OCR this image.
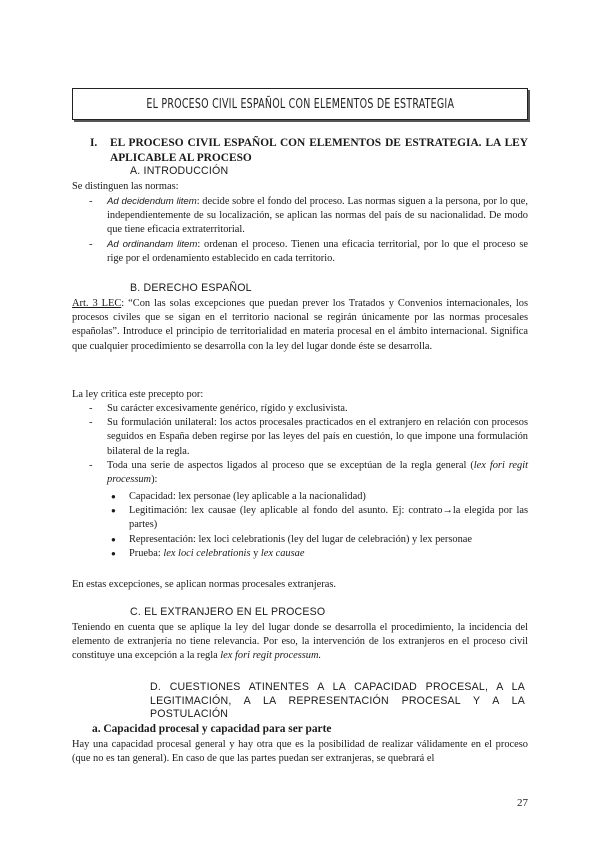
EL PROCESO CIVIL ESPAÑOL CON ELEMENTOS DE ESTRATEGIA
I.	EL PROCESO CIVIL ESPAÑOL CON ELEMENTOS DE ESTRATEGIA. LA LEY APLICABLE AL PROCESO
A. INTRODUCCIÓN
Se distinguen las normas:
- Ad decidendum litem: decide sobre el fondo del proceso. Las normas siguen a la persona, por lo que, independientemente de su localización, se aplican las normas del país de su nacionalidad. De modo que tiene eficacia extraterritorial.
- Ad ordinandam litem: ordenan el proceso. Tienen una eficacia territorial, por lo que el proceso se rige por el ordenamiento establecido en cada territorio.
B. DERECHO ESPAÑOL
Art. 3 LEC: “Con las solas excepciones que puedan prever los Tratados y Convenios internacionales, los procesos civiles que se sigan en el territorio nacional se regirán únicamente por las normas procesales españolas”. Introduce el principio de territorialidad en materia procesal en el ámbito internacional. Significa que cualquier procedimiento se desarrolla con la ley del lugar donde éste se desarrolla.
La ley critica este precepto por:
- Su carácter excesivamente genérico, rígido y exclusivista.
- Su formulación unilateral: los actos procesales practicados en el extranjero en relación con procesos seguidos en España deben regirse por las leyes del país en cuestión, lo que impone una formulación bilateral de la regla.
- Toda una serie de aspectos ligados al proceso que se exceptúan de la regla general (lex fori regit processum):
● Capacidad: lex personae (ley aplicable a la nacionalidad)
● Legitimación: lex causae (ley aplicable al fondo del asunto. Ej: contrato→la elegida por las partes)
● Representación: lex loci celebrationis (ley del lugar de celebración) y lex personae
● Prueba: lex loci celebrationis y lex causae
En estas excepciones, se aplican normas procesales extranjeras.
C. EL EXTRANJERO EN EL PROCESO
Teniendo en cuenta que se aplique la ley del lugar donde se desarrolla el procedimiento, la incidencia del elemento de extranjería no tiene relevancia. Por eso, la intervención de los extranjeros en el proceso civil constituye una excepción a la regla lex fori regit processum.
D. CUESTIONES ATINENTES A LA CAPACIDAD PROCESAL, A LA LEGITIMACIÓN, A LA REPRESENTACIÓN PROCESAL Y A LA POSTULACIÓN
a. Capacidad procesal y capacidad para ser parte
Hay una capacidad procesal general y hay otra que es la posibilidad de realizar válidamente en el proceso (que no es tan general). En caso de que las partes puedan ser extranjeras, se quebrará el
27
